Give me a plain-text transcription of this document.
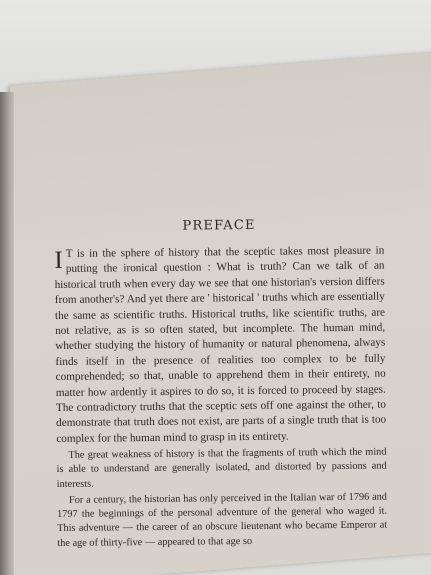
PREFACE

I T is in the sphere of history that the sceptic takes most pleasure in putting the ironical question : What is truth? Can we talk of an historical truth when every day we see that one historian's version differs from another's? And yet there are ' historical ' truths which are essentially the same as scientific truths. Historical truths, like scientific truths, are not relative, as is so often stated, but incomplete. The human mind, whether studying the history of humanity or natural phenomena, always finds itself in the presence of realities too complex to be fully comprehended; so that, unable to apprehend them in their entirety, no matter how ardently it aspires to do so, it is forced to proceed by stages. The contradictory truths that the sceptic sets off one against the other, to demonstrate that truth does not exist, are parts of a single truth that is too complex for the human mind to grasp in its entirety.

The great weakness of history is that the fragments of truth which the mind is able to understand are generally isolated, and distorted by passions and interests.

For a century, the historian has only perceived in the Italian war of 1796 and 1797 the beginnings of the personal adventure of the general who waged it. This adventure — the career of an obscure lieutenant who became Emperor at the age of thirty-five — appeared to that age so
